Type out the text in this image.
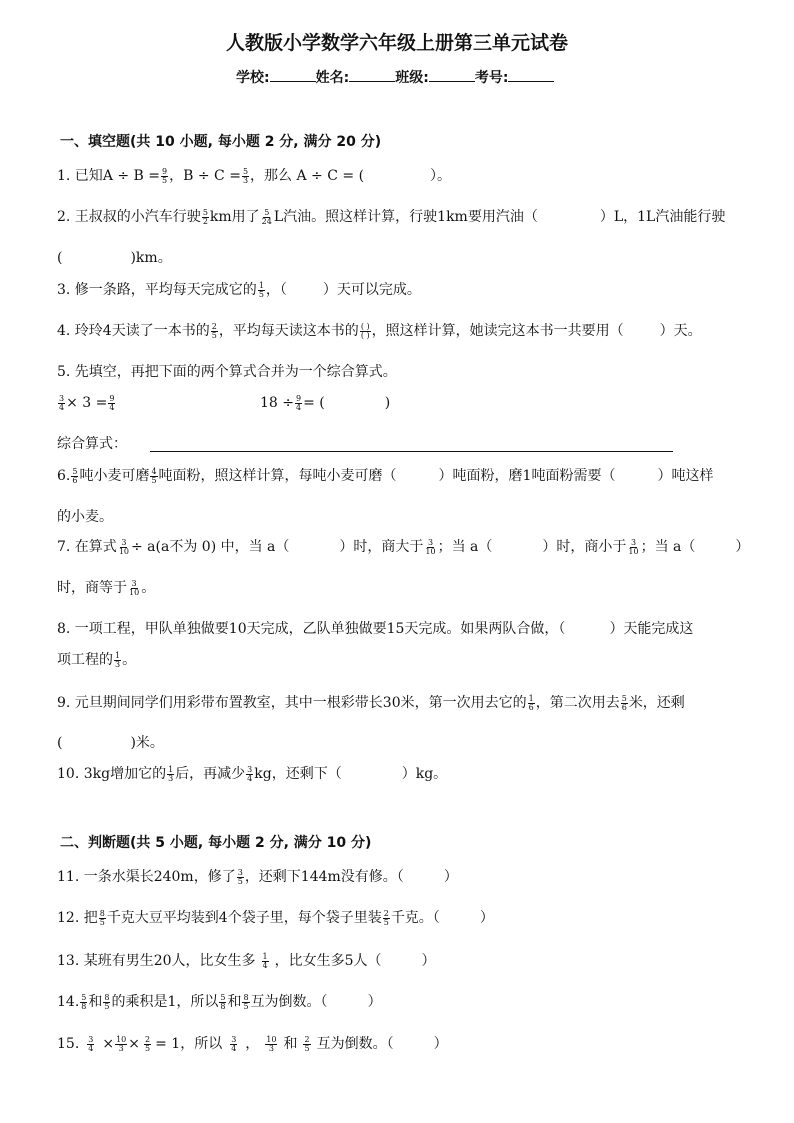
人教版小学数学六年级上册第三单元试卷
学校:	姓名:	班级:	考号:
一、填空题(共 10 小题, 每小题 2 分, 满分 20 分)
1. 已知$A \div B = \frac{9}{5}$ ，$B \div C = \frac{5}{3}$ ，那么 A ÷ C = (	）。
2. 王叔叔的小汽车行驶 $\frac{5}{2}$ km用了 $\frac{5}{24}$ L汽油。照这样计算，行驶1km要用汽油（	）L，1L汽油能行驶
(	)km。
3. 修一条路，平均每天完成它的 $\frac{1}{5}$ ，（	）天可以完成。
4. 玲玲4天读了一本书的 $\frac{2}{5}$ ，平均每天读这本书的 $\frac{( )}{( )}$ ，照这样计算，她读完这本书一共要用（	）天。
5. 先填空，再把下面的两个算式合并为一个综合算式。
$\frac{3}{4} \times 3 = \frac{9}{4}$	$18 \div \frac{9}{4}$ = (	)
综合算式：
6. $\frac{5}{6}$ 吨小麦可磨 $\frac{4}{5}$ 吨面粉，照这样计算，每吨小麦可磨（	）吨面粉，磨1吨面粉需要（	）吨这样
的小麦。
7. 在算式 $\frac{3}{10} \div a(a$不为 0) 中，当 a（	）时，商大于 $\frac{3}{10}$ ；当 a（	）时，商小于 $\frac{3}{10}$ ；当 a（	）
时，商等于 $\frac{3}{10}$ 。
8. 一项工程，甲队单独做要10天完成，乙队单独做要15天完成。如果两队合做，（	）天能完成这
项工程的 $\frac{1}{3}$ 。
9. 元旦期间同学们用彩带布置教室，其中一根彩带长30米，第一次用去它的 $\frac{1}{6}$ ，第二次用去 $\frac{5}{6}$ 米，还剩
(	)米。
10. 3kg增加它的 $\frac{1}{3}$ 后，再减少 $\frac{3}{4}$ kg，还剩下（	）kg。
二、判断题(共 5 小题, 每小题 2 分, 满分 10 分)
11. 一条水渠长240m，修了 $\frac{3}{5}$ ，还剩下144m没有修。（	）
12. 把 $\frac{8}{5}$ 千克大豆平均装到4个袋子里，每个袋子里装 $\frac{2}{5}$ 千克。（	）
13. 某班有男生20人，比女生多 $\frac{1}{4}$ ，比女生多5人（	）
14. $\frac{5}{8}$ 和 $\frac{8}{5}$ 的乘积是1，所以 $\frac{5}{8}$ 和 $\frac{8}{5}$ 互为倒数。（	）
15. $\frac{3}{4} \times \frac{10}{3} \times \frac{2}{5} = 1$，所以 $\frac{3}{4}$ ， $\frac{10}{3}$ 和 $\frac{2}{5}$ 互为倒数。（	）
